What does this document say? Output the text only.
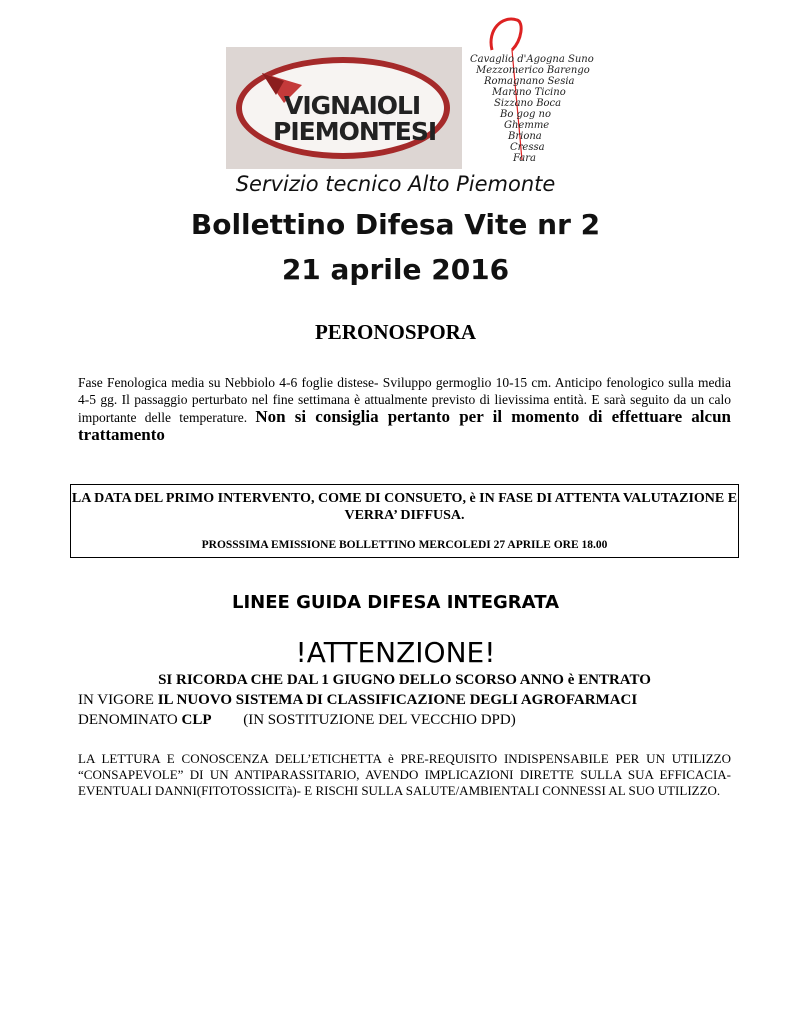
VIGNAIOLI
PIEMONTESI
Cavaglio d'Agogna Suno
Mezzomerico Barengo
Romagnano Sesia
Marano Ticino
Sizzano Boca
Bo gog no
Ghemme
Briona
Cressa
Fara
Servizio tecnico Alto Piemonte
Bollettino Difesa Vite nr 2
21 aprile 2016
PERONOSPORA
Fase Fenologica media su Nebbiolo 4-6 foglie distese- Sviluppo germoglio 10-15 cm. Anticipo fenologico sulla media 4-5 gg. Il passaggio perturbato nel fine settimana è attualmente previsto di lievissima entità. E sarà seguito da un calo importante delle temperature. Non si consiglia pertanto per il momento di effettuare alcun trattamento
LA DATA DEL PRIMO INTERVENTO, COME DI CONSUETO, è IN FASE DI ATTENTA VALUTAZIONE E VERRA’ DIFFUSA.
PROSSSIMA EMISSIONE BOLLETTINO MERCOLEDI 27 APRILE ORE 18.00
LINEE GUIDA DIFESA INTEGRATA
!ATTENZIONE!
SI RICORDA CHE DAL 1 GIUGNO DELLO SCORSO ANNO è ENTRATO
IN VIGORE IL NUOVO SISTEMA DI CLASSIFICAZIONE DEGLI AGROFARMACI
DENOMINATO CLP (IN SOSTITUZIONE DEL VECCHIO DPD)
LA LETTURA E CONOSCENZA DELL’ETICHETTA è PRE-REQUISITO INDISPENSABILE PER UN UTILIZZO “CONSAPEVOLE” DI UN ANTIPARASSITARIO, AVENDO IMPLICAZIONI DIRETTE SULLA SUA EFFICACIA- EVENTUALI DANNI(FITOTOSSICITà)- E RISCHI SULLA SALUTE/AMBIENTALI CONNESSI AL SUO UTILIZZO.
